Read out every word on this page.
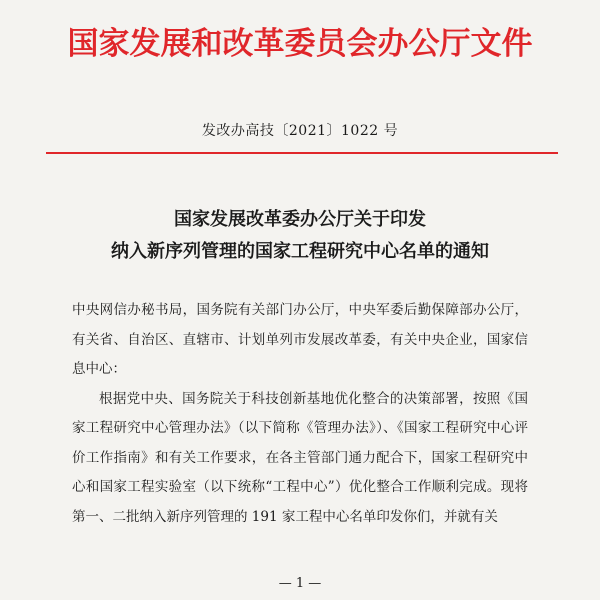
国家发展和改革委员会办公厅文件
发改办高技〔2021〕1022 号
国家发展改革委办公厅关于印发
纳入新序列管理的国家工程研究中心名单的通知

中央网信办秘书局，国务院有关部门办公厅，中央军委后勤保障部办公厅，有关省、自治区、直辖市、计划单列市发展改革委，有关中央企业，国家信息中心：

根据党中央、国务院关于科技创新基地优化整合的决策部署，按照《国家工程研究中心管理办法》（以下简称《管理办法》）、《国家工程研究中心评价工作指南》和有关工作要求，在各主管部门通力配合下，国家工程研究中心和国家工程实验室（以下统称“工程中心”）优化整合工作顺利完成。现将第一、二批纳入新序列管理的 191 家工程中心名单印发你们，并就有关

— 1 —
